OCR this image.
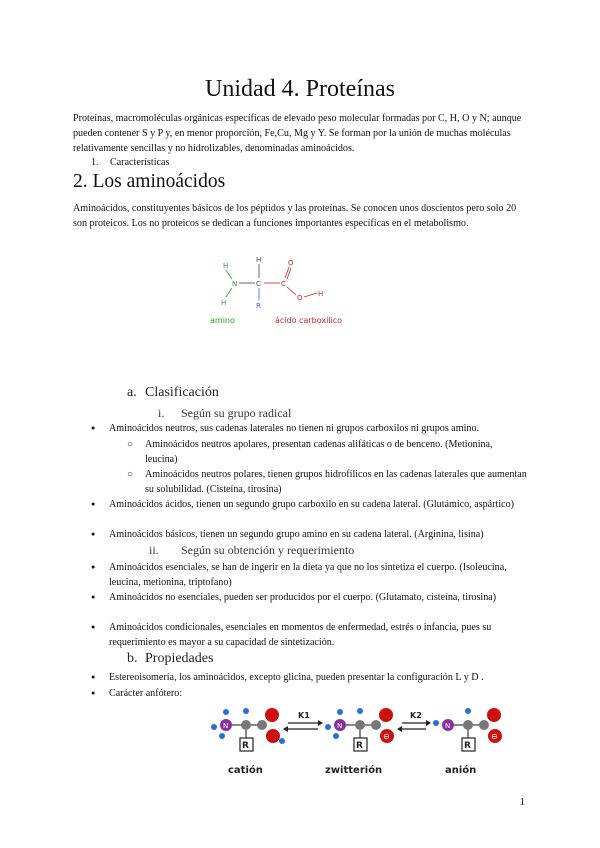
Unidad 4. Proteínas

Proteínas, macromoléculas orgánicas específicas de elevado peso molecular formadas por C, H, O y N; aunque pueden contener S y P y, en menor proporción, Fe,Cu, Mg y Y. Se forman por la unión de muchas moléculas relativamente sencillas y no hidrolizables, denominadas aminoácidos.

1. Características
2. Los aminoácidos

Aminoácidos, constituyentes básicos de los péptidos y las proteínas. Se conocen unos doscientos pero solo 20 son proteicos. Los no proteicos se dedican a funciones importantes específicas en el metabolismo.

H
N
H
H
C
R
C
O
O H
amino	ácido carboxílico
a. Clasificación
i. Según su grupo radical
● Aminoácidos neutros, sus cadenas laterales no tienen ni grupos carboxilos ni grupos amino.
○ Aminoácidos neutros apolares, presentan cadenas alifáticas o de benceno. (Metionina, leucina)
○ Aminoácidos neutros polares, tienen grupos hidrofílicos en las cadenas laterales que aumentan su solubilidad. (Cisteína, tirosina)
● Aminoácidos ácidos, tienen un segundo grupo carboxilo en su cadena lateral. (Glutámico, aspártico)
● Aminoácidos básicos, tienen un segundo grupo amino en su cadena lateral. (Arginina, lisina)
ii. Según su obtención y requerimiento
● Aminoácidos esenciales, se han de ingerir en la dieta ya que no los sintetiza el cuerpo. (Isoleucina, leucina, metionina, triptofano)
● Aminoácidos no esenciales, pueden ser producidos por el cuerpo. (Glutamato, cisteína, tirosina)
● Aminoácidos condicionales, esenciales en momentos de enfermedad, estrés o infancia, pues su requerimiento es mayor a su capacidad de sintetización.
b. Propiedades
● Estereoisomería, los aminoácidos, excepto glicina, pueden presentar la configuración L y D .
● Carácter anfótero:
N
R
K1
N
R
⊖
K2
N
R
⊖
catión	zwitterión	anión
1
